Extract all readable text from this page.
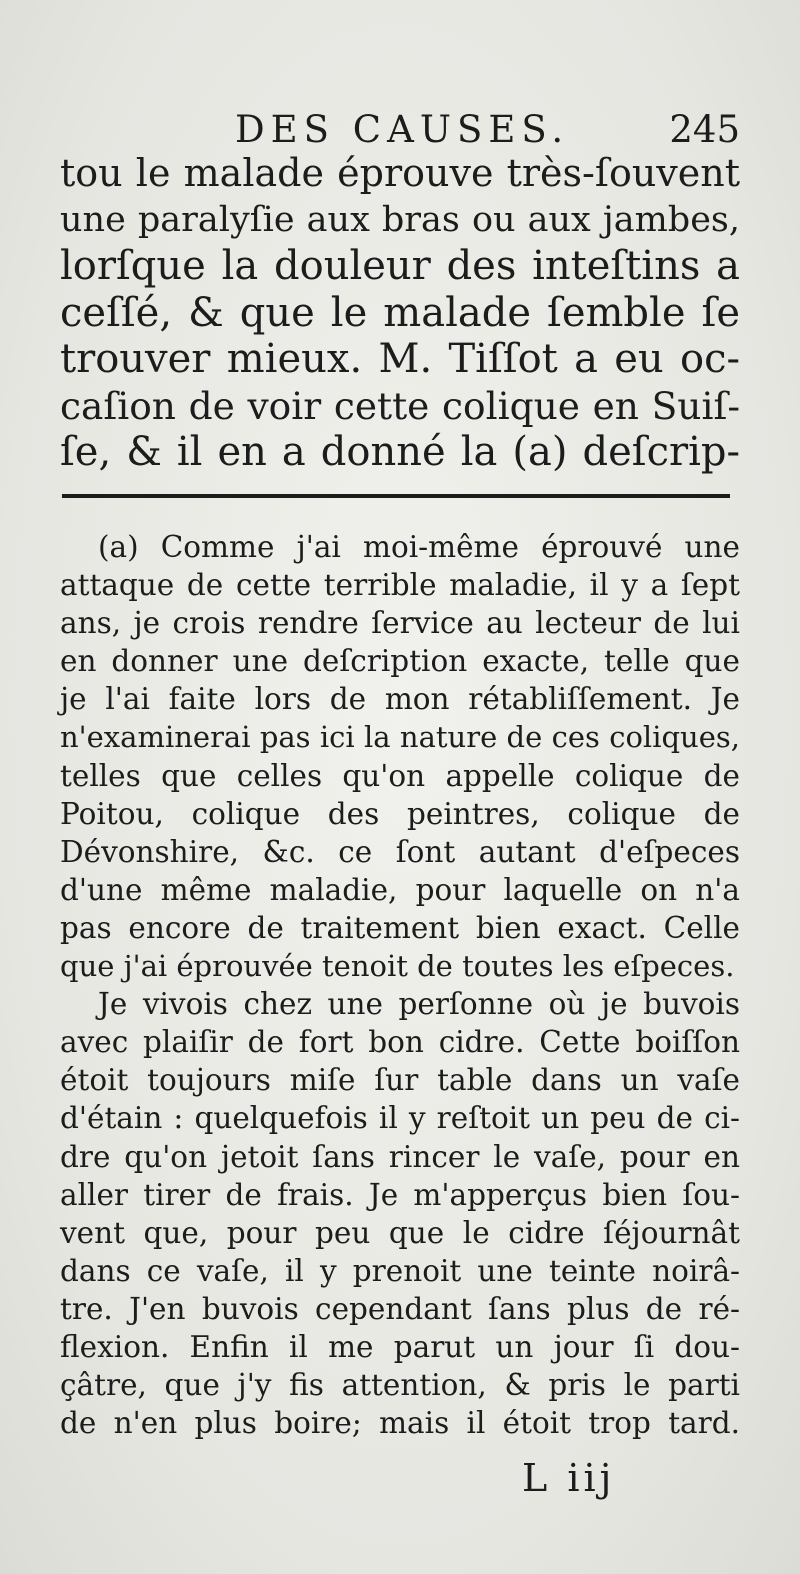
DES CAUSES.	245
tou le malade éprouve très-ſouvent
une paralyſie aux bras ou aux jambes,
lorſque la douleur des inteſtins a
ceſſé, & que le malade ſemble ſe
trouver mieux. M. Tiſſot a eu oc-
caſion de voir cette colique en Suiſ-
ſe, & il en a donné la (a) deſcrip-
(a) Comme j'ai moi-même éprouvé une
attaque de cette terrible maladie, il y a ſept
ans, je crois rendre ſervice au lecteur de lui
en donner une deſcription exacte, telle que
je l'ai faite lors de mon rétabliſſement. Je
n'examinerai pas ici la nature de ces coliques,
telles que celles qu'on appelle colique de
Poitou, colique des peintres, colique de
Dévonshire, &c. ce ſont autant d'eſpeces
d'une même maladie, pour laquelle on n'a
pas encore de traitement bien exact. Celle
que j'ai éprouvée tenoit de toutes les eſpeces.
Je vivois chez une perſonne où je buvois
avec plaiſir de fort bon cidre. Cette boiſſon
étoit toujours miſe ſur table dans un vaſe
d'étain : quelquefois il y reſtoit un peu de ci-
dre qu'on jetoit ſans rincer le vaſe, pour en
aller tirer de frais. Je m'apperçus bien ſou-
vent que, pour peu que le cidre ſéjournât
dans ce vaſe, il y prenoit une teinte noirâ-
tre. J'en buvois cependant ſans plus de ré-
flexion. Enfin il me parut un jour ſi dou-
çâtre, que j'y fis attention, & pris le parti
de n'en plus boire; mais il étoit trop tard.
L iij
